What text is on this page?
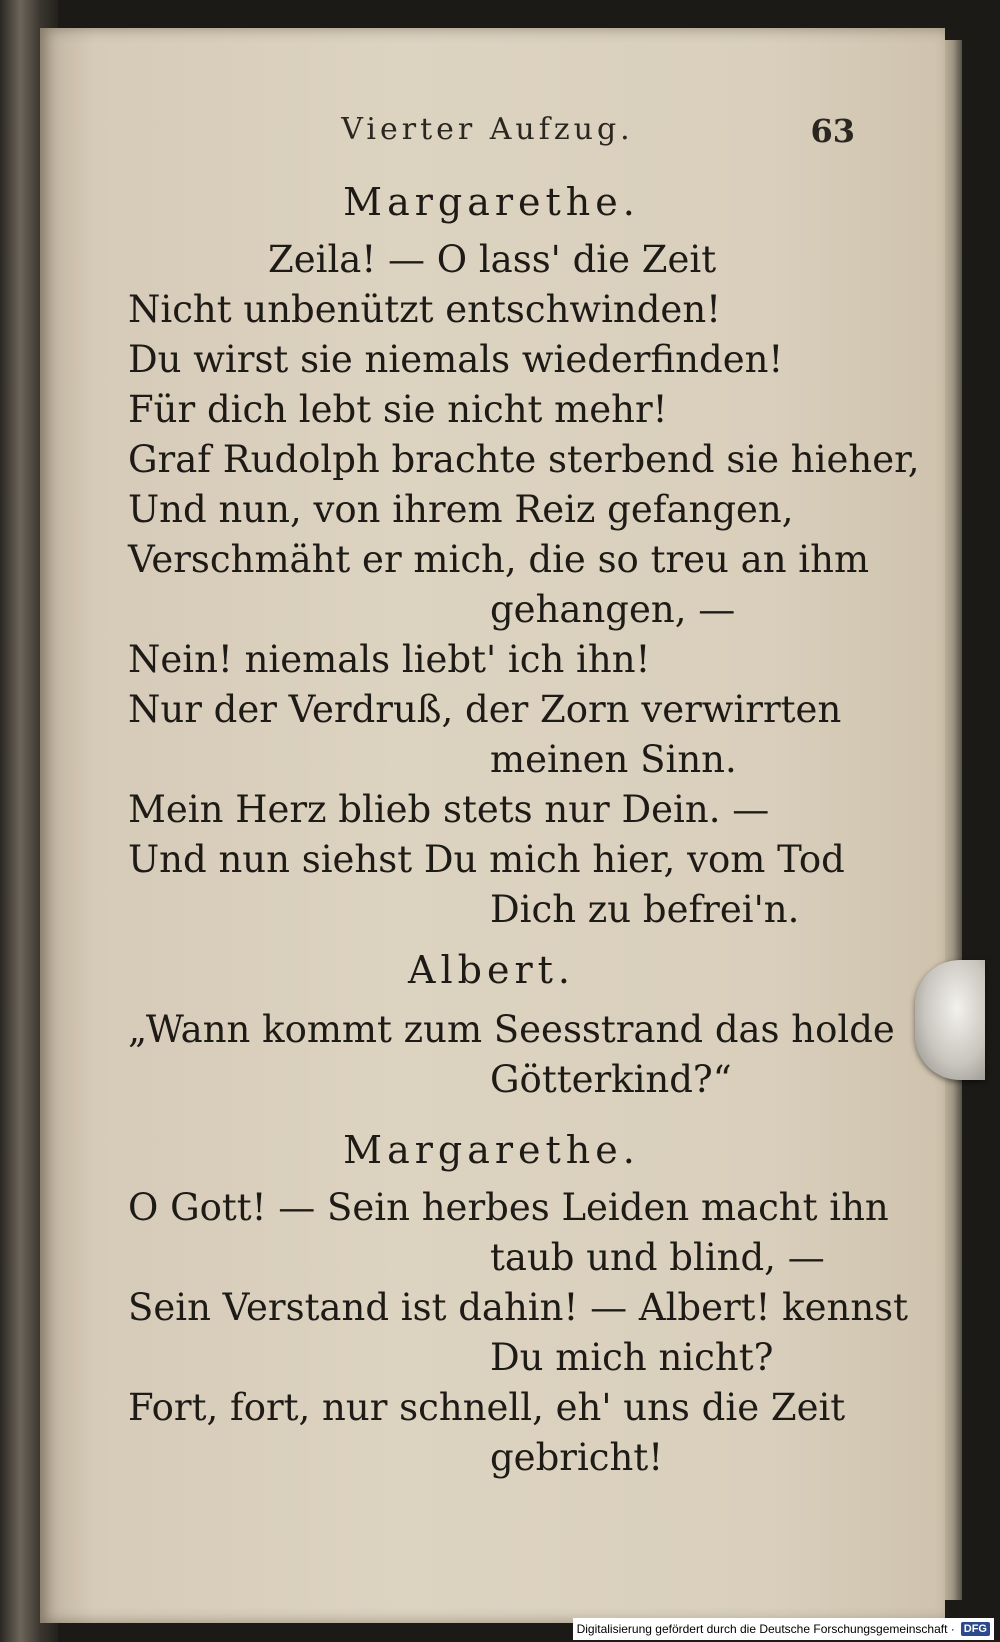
Vierter Aufzug.	63
Margarethe.
Zeila! — O lass' die Zeit
Nicht unbenützt entschwinden!
Du wirst sie niemals wiederfinden!
Für dich lebt sie nicht mehr!
Graf Rudolph brachte sterbend sie hieher,
Und nun, von ihrem Reiz gefangen,
Verschmäht er mich, die so treu an ihm
gehangen, —
Nein! niemals liebt' ich ihn!
Nur der Verdruß, der Zorn verwirrten
meinen Sinn.
Mein Herz blieb stets nur Dein. —
Und nun siehst Du mich hier, vom Tod
Dich zu befrei'n.
Albert.
„Wann kommt zum Seesstrand das holde
Götterkind?“
Margarethe.
O Gott! — Sein herbes Leiden macht ihn
taub und blind, —
Sein Verstand ist dahin! — Albert! kennst
Du mich nicht?
Fort, fort, nur schnell, eh' uns die Zeit
gebricht!
Digitalisierung gefördert durch die Deutsche Forschungsgemeinschaft · DFG
